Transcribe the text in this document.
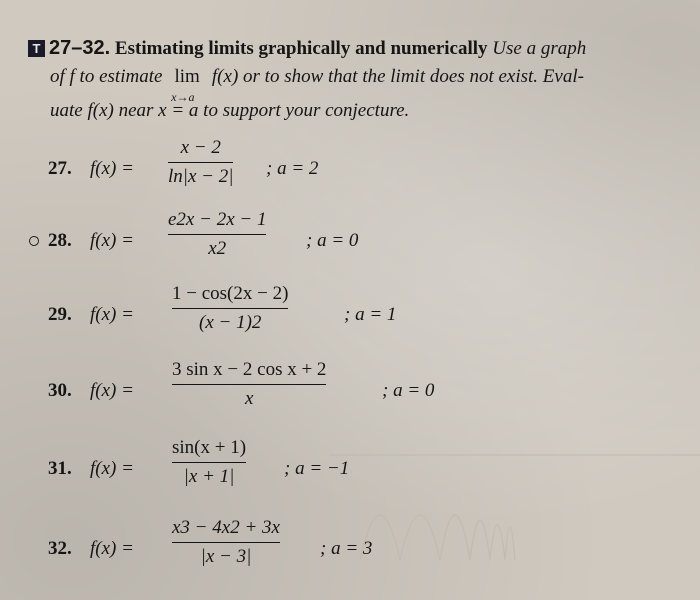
T 27–32. Estimating limits graphically and numerically Use a graph
of f to estimate lim
x→a
f(x) or to show that the limit does not exist. Eval-
uate f(x) near x = a to support your conjecture.
27. f(x) =
x − 2
ln|x − 2| ; a = 2
28. f(x) =
e2x − 2x − 1
x2	; a = 0
29. f(x) =
1 − cos(2x − 2)
(x − 1)2	; a = 1
30. f(x) =
3 sin x − 2 cos x + 2
x	; a = 0
31. f(x) =
sin(x + 1)
|x + 1|	; a = −1
32. f(x) =
x3 − 4x2 + 3x
|x − 3|	; a = 3
